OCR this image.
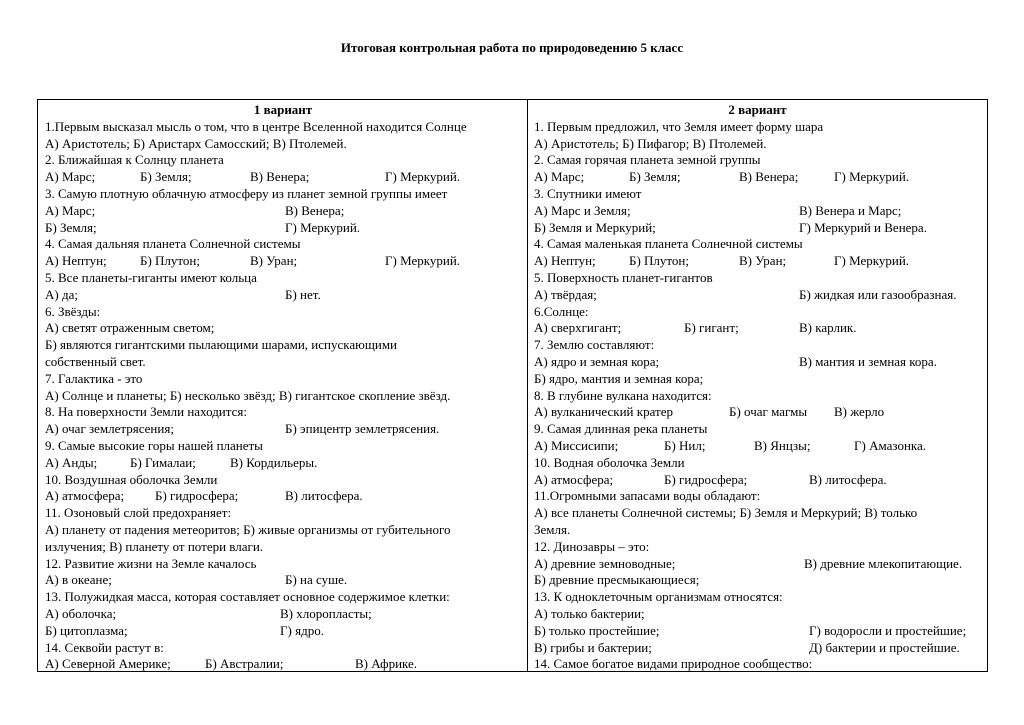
Итоговая контрольная работа по природоведению 5 класс
1 вариант
1.Первым высказал мысль о том, что в центре Вселенной находится Солнце
А) Аристотель; Б) Аристарх Самосский; В) Птолемей.
2. Ближайшая к Солнцу планета
А) Марс;	Б) Земля;	В) Венера;	Г) Меркурий.
3. Самую плотную облачную атмосферу из планет земной группы имеет
А) Марс;	В) Венера;
Б) Земля;	Г) Меркурий.
4. Самая дальняя планета Солнечной системы
А) Нептун;	Б) Плутон;	В) Уран;	Г) Меркурий.
5. Все планеты-гиганты имеют кольца
А) да;	Б) нет.
6. Звёзды:
А) светят отраженным светом;
Б) являются гигантскими пылающими шарами, испускающими
собственный свет.
7. Галактика - это
А) Солнце и планеты; Б) несколько звёзд; В) гигантское скопление звёзд.
8. На поверхности Земли находится:
А) очаг землетрясения;	Б) эпицентр землетрясения.
9. Самые высокие горы нашей планеты
А) Анды;	Б) Гималаи;	В) Кордильеры.
10. Воздушная оболочка Земли
А) атмосфера; Б) гидросфера;	В) литосфера.
11. Озоновый слой предохраняет:
А) планету от падения метеоритов; Б) живые организмы от губительного
излучения; В) планету от потери влаги.
12. Развитие жизни на Земле качалось
А) в океане;	Б) на суше.
13. Полужидкая масса, которая составляет основное содержимое клетки:
А) оболочка;	В) хлоропласты;
Б) цитоплазма;	Г) ядро.
14. Секвойи растут в:
А) Северной Америке;	Б) Австралии;	В) Африке.
2 вариант
1. Первым предложил, что Земля имеет форму шара
А) Аристотель; Б) Пифагор; В) Птолемей.
2. Самая горячая планета земной группы
А) Марс;	Б) Земля;	В) Венера;	Г) Меркурий.
3. Спутники имеют
А) Марс и Земля;	В) Венера и Марс;
Б) Земля и Меркурий;	Г) Меркурий и Венера.
4. Самая маленькая планета Солнечной системы
А) Нептун;	Б) Плутон;	В) Уран;	Г) Меркурий.
5. Поверхность планет-гигантов
А) твёрдая;	Б) жидкая или газообразная.
6.Солнце:
А) сверхгигант;	Б) гигант;	В) карлик.
7. Землю составляют:
А) ядро и земная кора;	В) мантия и земная кора.
Б) ядро, мантия и земная кора;
8. В глубине вулкана находится:
А) вулканический кратер	Б) очаг магмы В) жерло
9. Самая длинная река планеты
А) Миссисипи;	Б) Нил;	В) Янцзы;	Г) Амазонка.
10. Водная оболочка Земли
А) атмосфера;	Б) гидросфера;	В) литосфера.
11.Огромными запасами воды обладают:
А) все планеты Солнечной системы; Б) Земля и Меркурий; В) только
Земля.
12. Динозавры – это:
А) древние земноводные;	В) древние млекопитающие.
Б) древние пресмыкающиеся;
13. К одноклеточным организмам относятся:
А) только бактерии;
Б) только простейшие;	Г) водоросли и простейшие;
В) грибы и бактерии;	Д) бактерии и простейшие.
14. Самое богатое видами природное сообщество:
